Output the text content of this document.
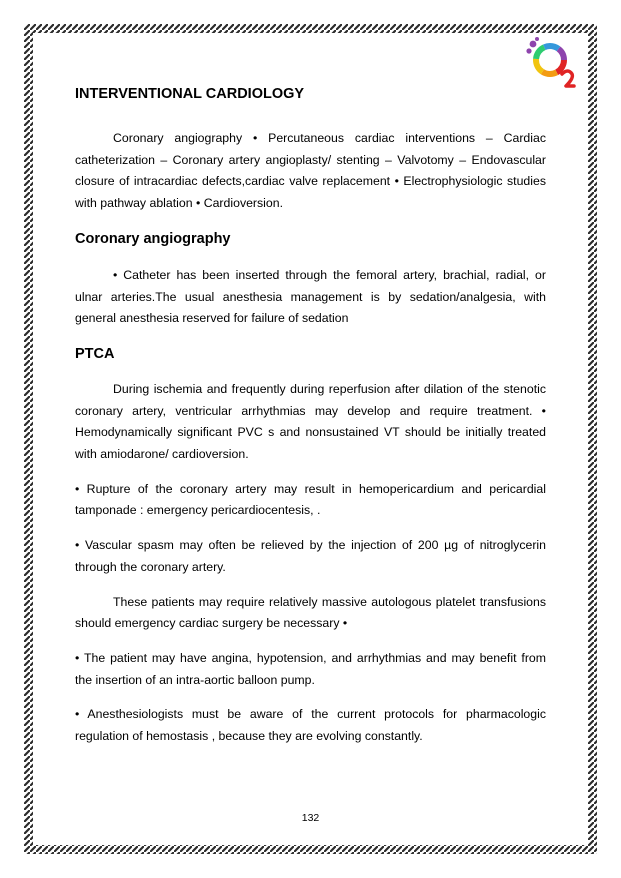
INTERVENTIONAL CARDIOLOGY

Coronary angiography • Percutaneous cardiac interventions – Cardiac catheterization – Coronary artery angioplasty/ stenting – Valvotomy – Endovascular closure of intracardiac defects,cardiac valve replacement • Electrophysiologic studies with pathway ablation • Cardioversion.

Coronary angiography

• Catheter has been inserted through the femoral artery, brachial, radial, or ulnar arteries.The usual anesthesia management is by sedation/analgesia, with general anesthesia reserved for failure of sedation

PTCA

During ischemia and frequently during reperfusion after dilation of the stenotic coronary artery, ventricular arrhythmias may develop and require treatment. • Hemodynamically significant PVC s and nonsustained VT should be initially treated with amiodarone/ cardioversion.

• Rupture of the coronary artery may result in hemopericardium and pericardial tamponade : emergency pericardiocentesis, .

• Vascular spasm may often be relieved by the injection of 200 µg of nitroglycerin through the coronary artery.

These patients may require relatively massive autologous platelet transfusions should emergency cardiac surgery be necessary •

• The patient may have angina, hypotension, and arrhythmias and may benefit from the insertion of an intra-aortic balloon pump.

• Anesthesiologists must be aware of the current protocols for pharmacologic regulation of hemostasis , because they are evolving constantly.

132
